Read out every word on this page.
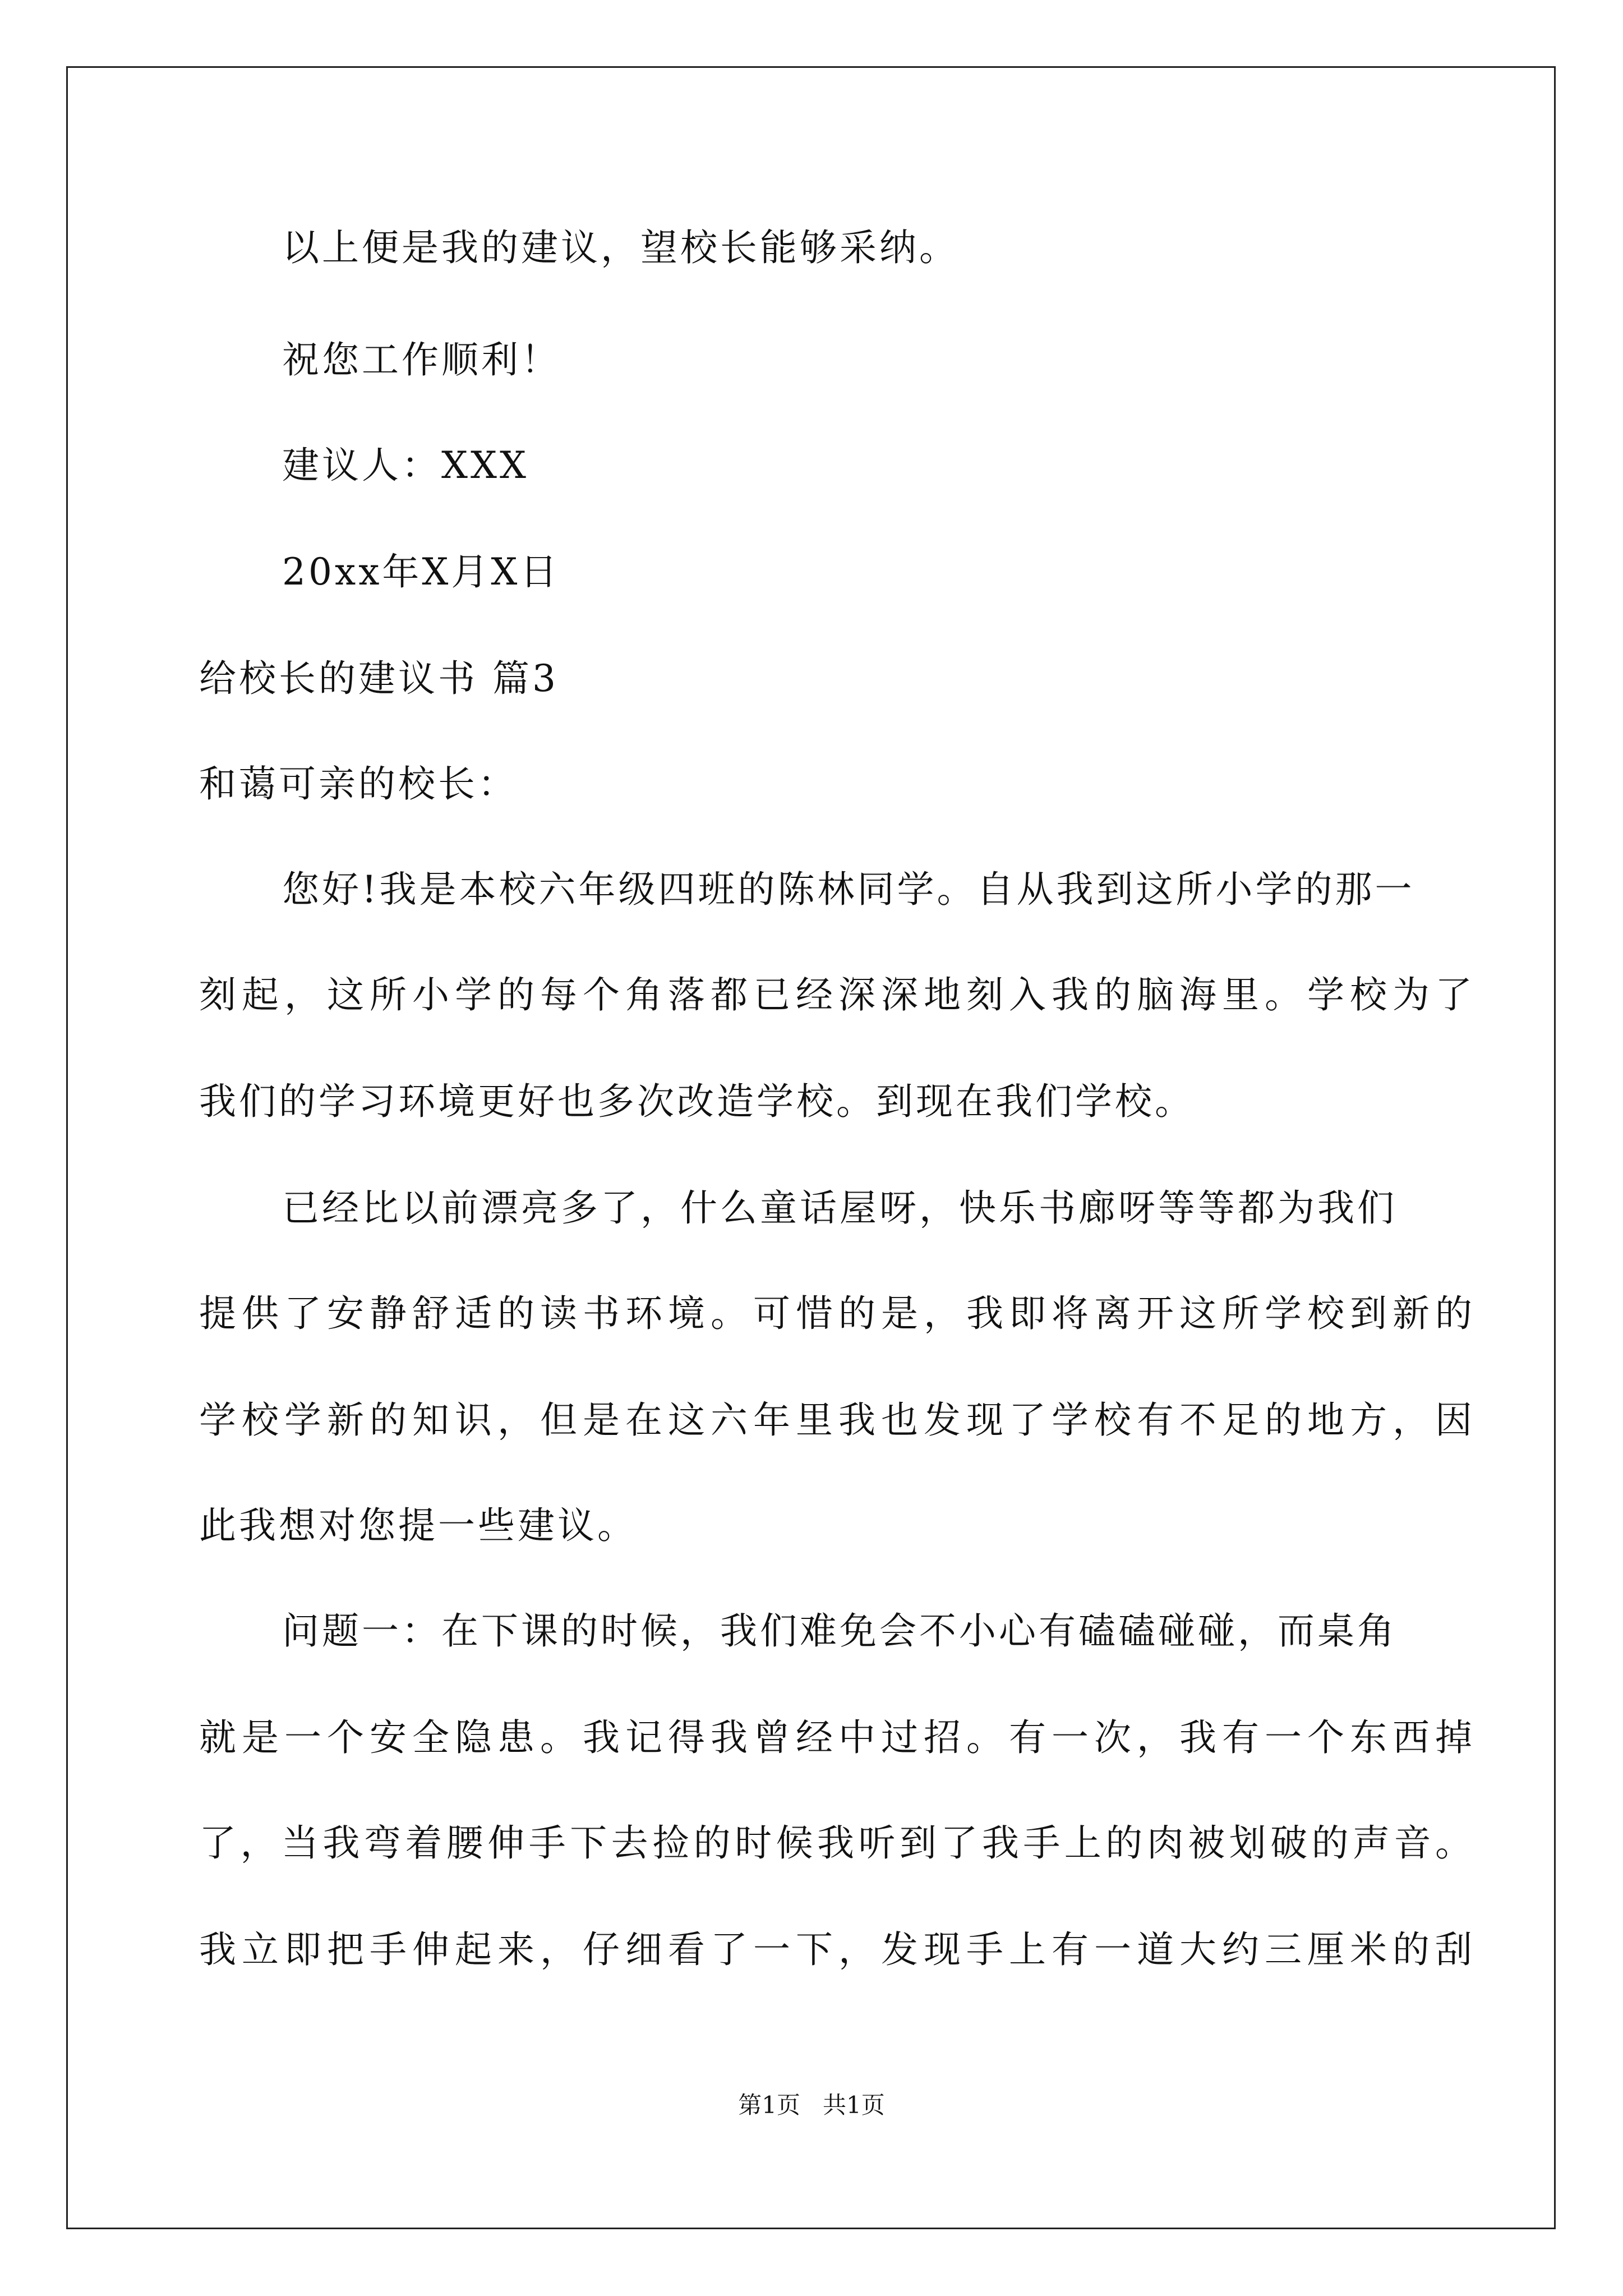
以上便是我的建议，望校长能够采纳。
祝您工作顺利！
建议人：XXX
20xx年X月X日
给校长的建议书 篇3
和蔼可亲的校长：
您好!我是本校六年级四班的陈林同学。自从我到这所小学的那一
刻起，这所小学的每个角落都已经深深地刻入我的脑海里。学校为了
我们的学习环境更好也多次改造学校。到现在我们学校。
已经比以前漂亮多了，什么童话屋呀，快乐书廊呀等等都为我们
提供了安静舒适的读书环境。可惜的是，我即将离开这所学校到新的
学校学新的知识，但是在这六年里我也发现了学校有不足的地方，因
此我想对您提一些建议。
问题一：在下课的时候，我们难免会不小心有磕磕碰碰，而桌角
就是一个安全隐患。我记得我曾经中过招。有一次，我有一个东西掉
了，当我弯着腰伸手下去捡的时候我听到了我手上的肉被划破的声音。
我立即把手伸起来，仔细看了一下，发现手上有一道大约三厘米的刮
第1页   共1页
